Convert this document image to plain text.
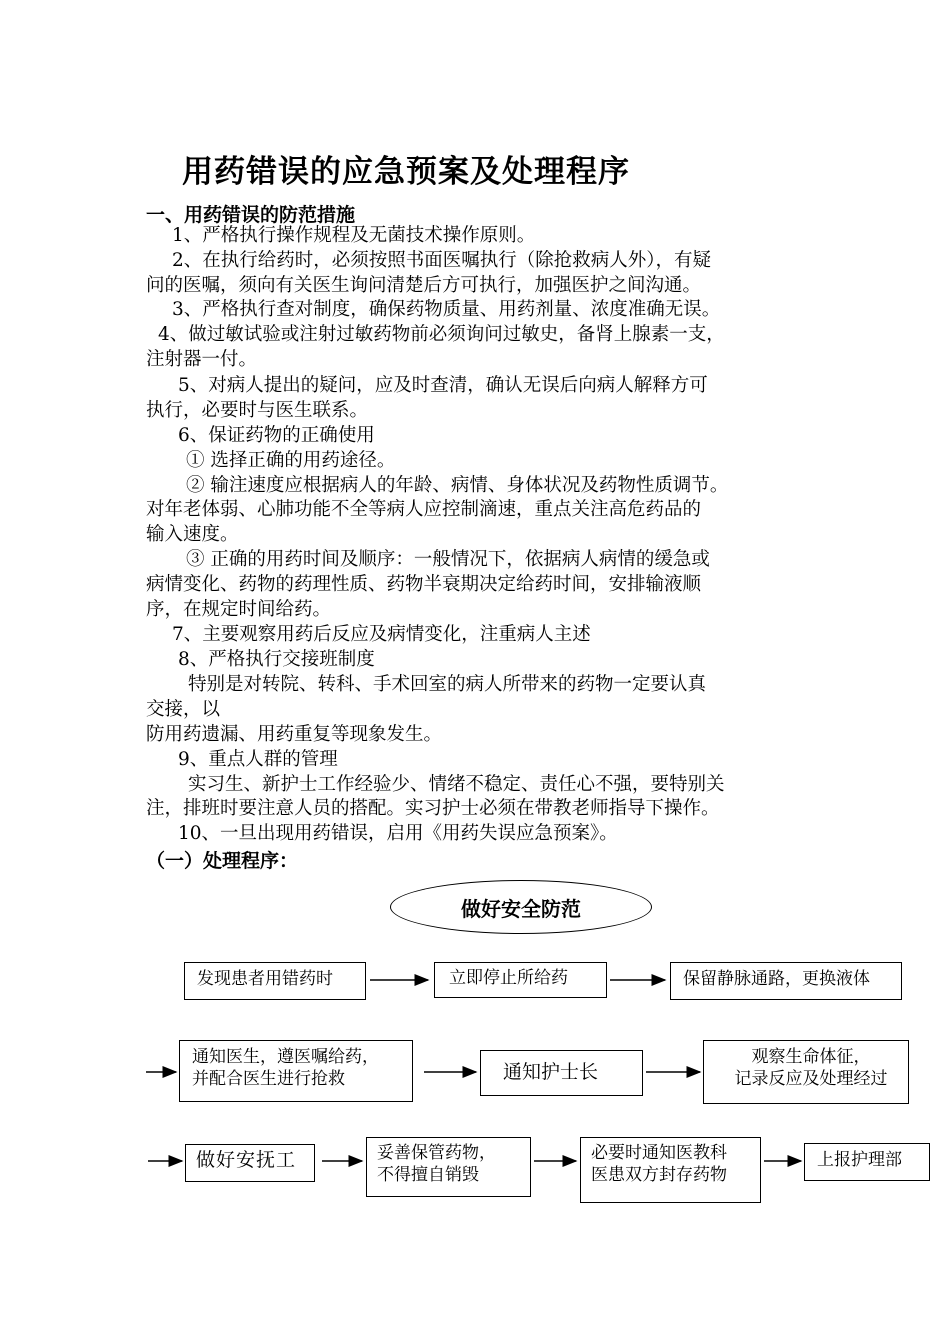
用药错误的应急预案及处理程序
一、用药错误的防范措施
1、严格执行操作规程及无菌技术操作原则。
2、在执行给药时，必须按照书面医嘱执行（除抢救病人外），有疑
问的医嘱，须向有关医生询问清楚后方可执行，加强医护之间沟通。
3、严格执行查对制度，确保药物质量、用药剂量、浓度准确无误。
4、做过敏试验或注射过敏药物前必须询问过敏史，备肾上腺素一支，
注射器一付。
5、对病人提出的疑问，应及时查清，确认无误后向病人解释方可
执行，必要时与医生联系。
6、保证药物的正确使用
① 选择正确的用药途径。
② 输注速度应根据病人的年龄、病情、身体状况及药物性质调节。
对年老体弱、心肺功能不全等病人应控制滴速，重点关注高危药品的
输入速度。
③ 正确的用药时间及顺序：一般情况下，依据病人病情的缓急或
病情变化、药物的药理性质、药物半衰期决定给药时间，安排输液顺
序，在规定时间给药。
7、主要观察用药后反应及病情变化，注重病人主述
8、严格执行交接班制度
特别是对转院、转科、手术回室的病人所带来的药物一定要认真
交接，以
防用药遗漏、用药重复等现象发生。
9、重点人群的管理
实习生、新护士工作经验少、情绪不稳定、责任心不强，要特别关
注，排班时要注意人员的搭配。实习护士必须在带教老师指导下操作。
10、一旦出现用药错误，启用《用药失误应急预案》。
（一）处理程序：
做好安全防范
发现患者用错药时	立即停止所给药	保留静脉通路，更换液体
通知医生，遵医嘱给药，
并配合医生进行抢救	通知护士长
观察生命体征，
记录反应及处理经过
做好安抚工	妥善保管药物，
不得擅自销毁
必要时通知医教科
医患双方封存药物
上报护理部
